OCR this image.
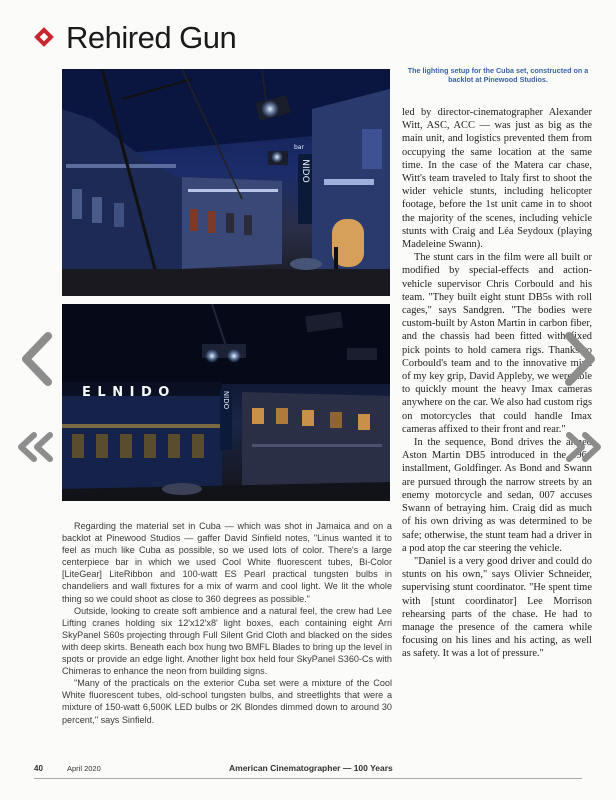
Rehired Gun
NIDO
bar
E L N I D O	NIDO
The lighting setup for the Cuba set, constructed on a backlot at Pinewood Studios.

led by director-cinematographer Alexander Witt, ASC, ACC — was just as big as the main unit, and logistics prevented them from occupying the same location at the same time. In the case of the Matera car chase, Witt's team traveled to Italy first to shoot the wider vehicle stunts, including helicopter footage, before the 1st unit came in to shoot the majority of the scenes, including vehicle stunts with Craig and Léa Seydoux (playing Madeleine Swann).

The stunt cars in the film were all built or modified by special-effects and action-vehicle supervisor Chris Corbould and his team. "They built eight stunt DB5s with roll cages," says Sandgren. "The bodies were custom-built by Aston Martin in carbon fiber, and the chassis had been fitted with fixed pick points to hold camera rigs. Thanks to Corbould's team and to the innovative mind of my key grip, David Appleby, we were able to quickly mount the heavy Imax cameras anywhere on the car. We also had custom rigs on motorcycles that could handle Imax cameras affixed to their front and rear."

In the sequence, Bond drives the armed Aston Martin DB5 introduced in the 1964 installment, Goldfinger. As Bond and Swann are pursued through the narrow streets by an enemy motorcycle and sedan, 007 accuses Swann of betraying him. Craig did as much of his own driving as was determined to be safe; otherwise, the stunt team had a driver in a pod atop the car steering the vehicle.

"Daniel is a very good driver and could do stunts on his own," says Olivier Schneider, supervising stunt coordinator. "He spent time with [stunt coordinator] Lee Morrison rehearsing parts of the chase. He had to manage the presence of the camera while focusing on his lines and his acting, as well as safety. It was a lot of pressure."

Regarding the material set in Cuba — which was shot in Jamaica and on a backlot at Pinewood Studios — gaffer David Sinfield notes, "Linus wanted it to feel as much like Cuba as possible, so we used lots of color. There's a large centerpiece bar in which we used Cool White fluorescent tubes, Bi-Color [LiteGear] LiteRibbon and 100-watt ES Pearl practical tungsten bulbs in chandeliers and wall fixtures for a mix of warm and cool light. We lit the whole thing so we could shoot as close to 360 degrees as possible."

Outside, looking to create soft ambience and a natural feel, the crew had Lee Lifting cranes holding six 12'x12'x8' light boxes, each containing eight Arri SkyPanel S60s projecting through Full Silent Grid Cloth and blacked on the sides with deep skirts. Beneath each box hung two BMFL Blades to bring up the level in spots or provide an edge light. Another light box held four SkyPanel S360-Cs with Chimeras to enhance the neon from building signs.

"Many of the practicals on the exterior Cuba set were a mixture of the Cool White fluorescent tubes, old-school tungsten bulbs, and streetlights that were a mixture of 150-watt 6,500K LED bulbs or 2K Blondes dimmed down to around 30 percent," says Sinfield.

40	April 2020	American Cinematographer — 100 Years
